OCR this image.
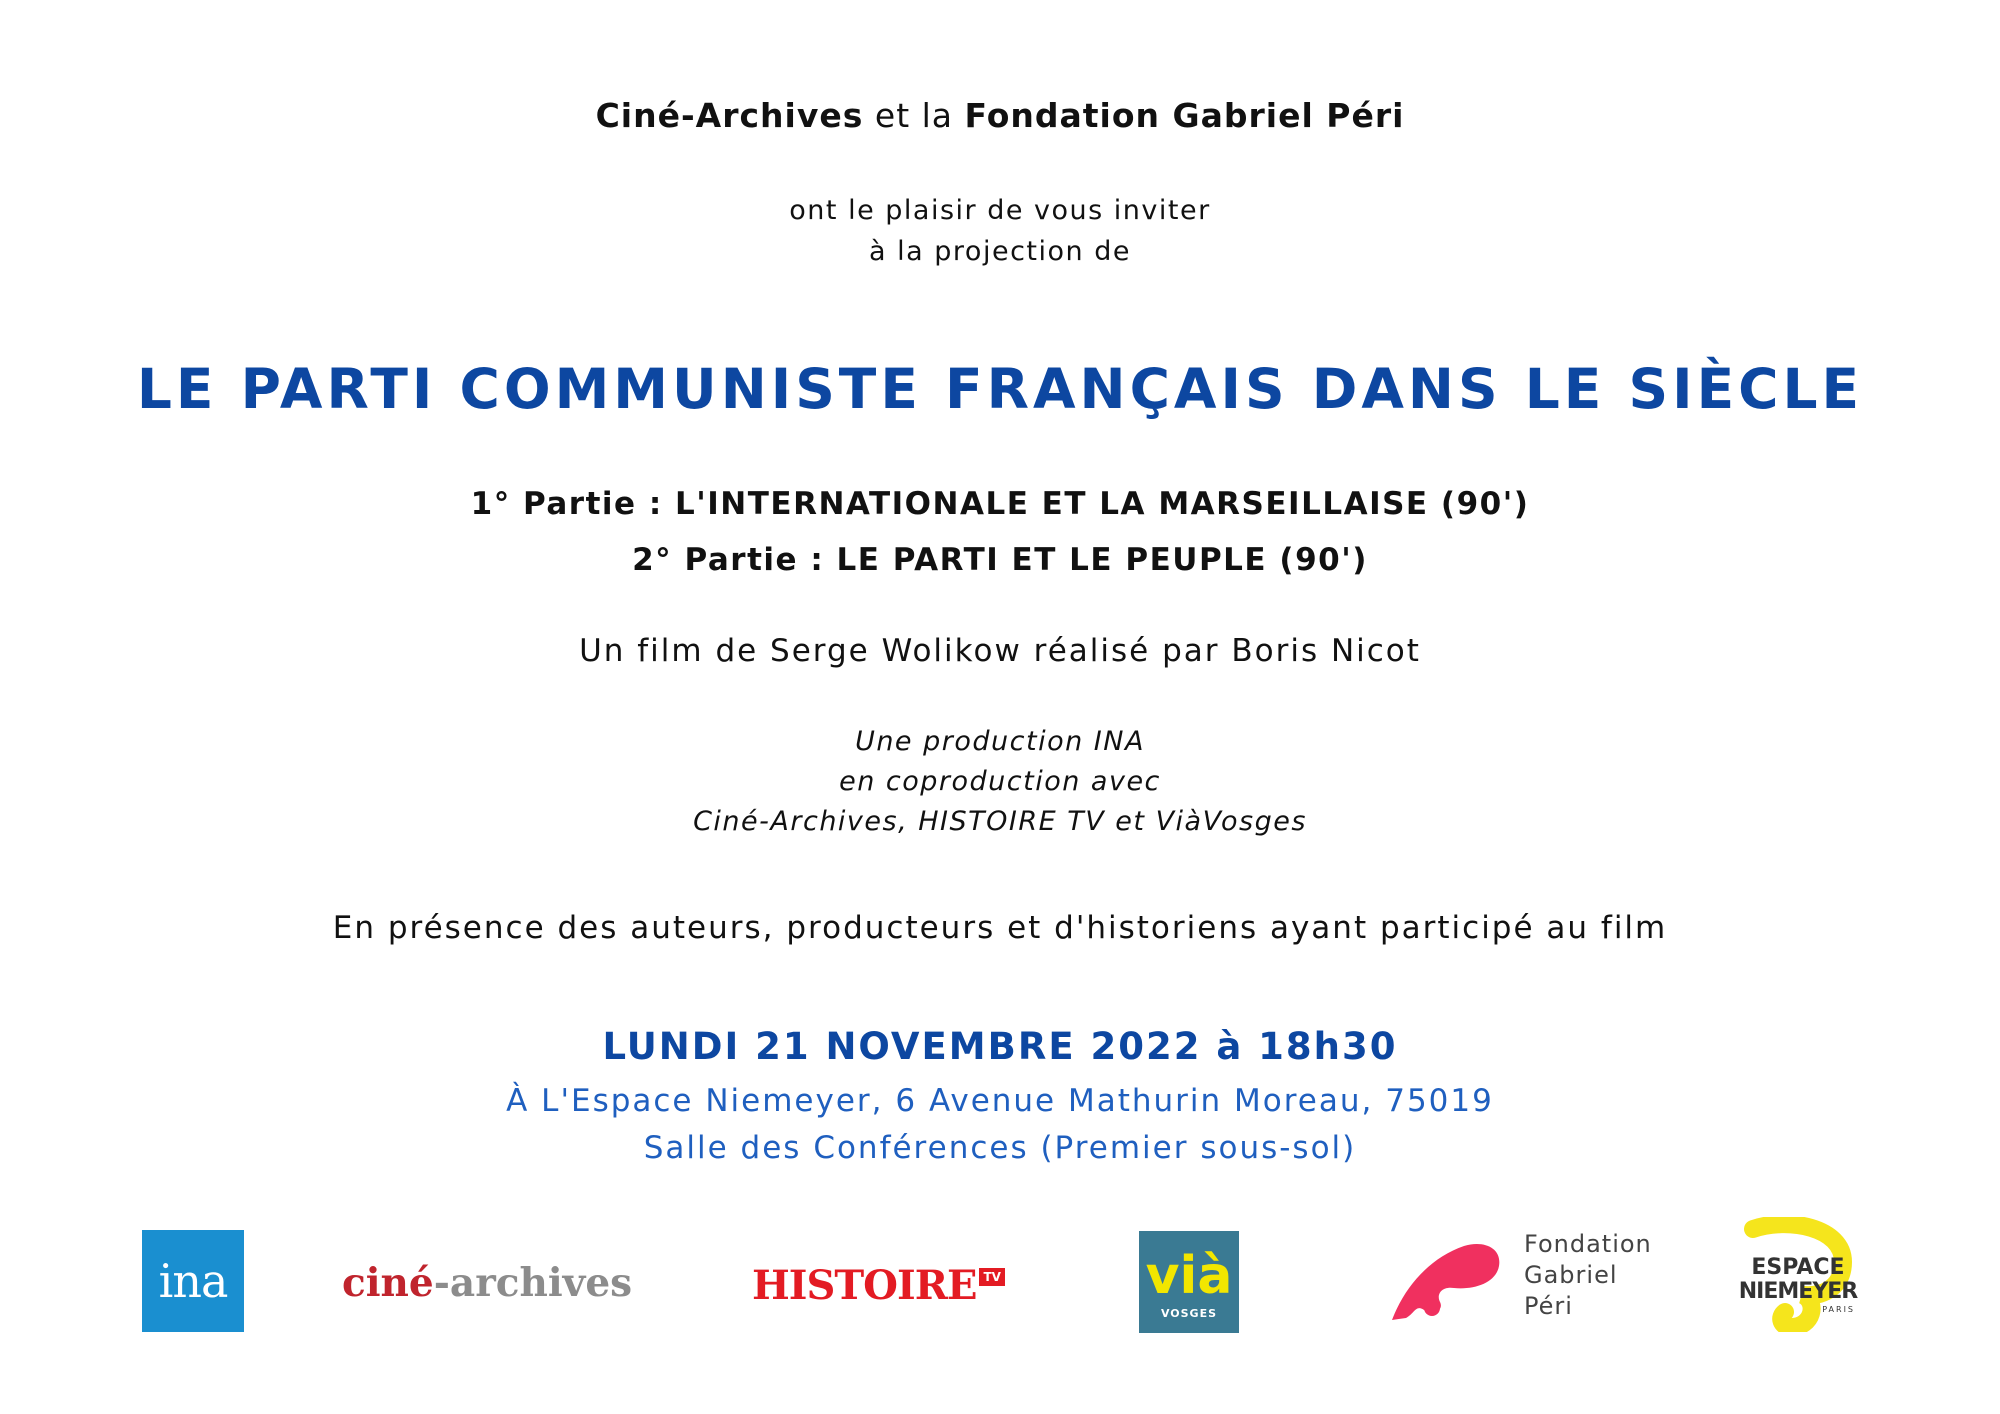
Ciné-Archives et la Fondation Gabriel Péri
ont le plaisir de vous inviter
à la projection de
LE PARTI COMMUNISTE FRANÇAIS DANS LE SIÈCLE
1° Partie : L'INTERNATIONALE ET LA MARSEILLAISE (90')
2° Partie : LE PARTI ET LE PEUPLE (90')
Un film de Serge Wolikow réalisé par Boris Nicot
Une production INA
en coproduction avec
Ciné-Archives, HISTOIRE TV et ViàVosges
En présence des auteurs, producteurs et d'historiens ayant participé au film
LUNDI 21 NOVEMBRE 2022 à 18h30
À L'Espace Niemeyer, 6 Avenue Mathurin Moreau, 75019
Salle des Conférences (Premier sous-sol)
ina	ciné-archives	HISTOIRE TV	vià
VOSGES
Fondation
Gabriel
Péri
ESPACE
NIEMEYER
PARIS
